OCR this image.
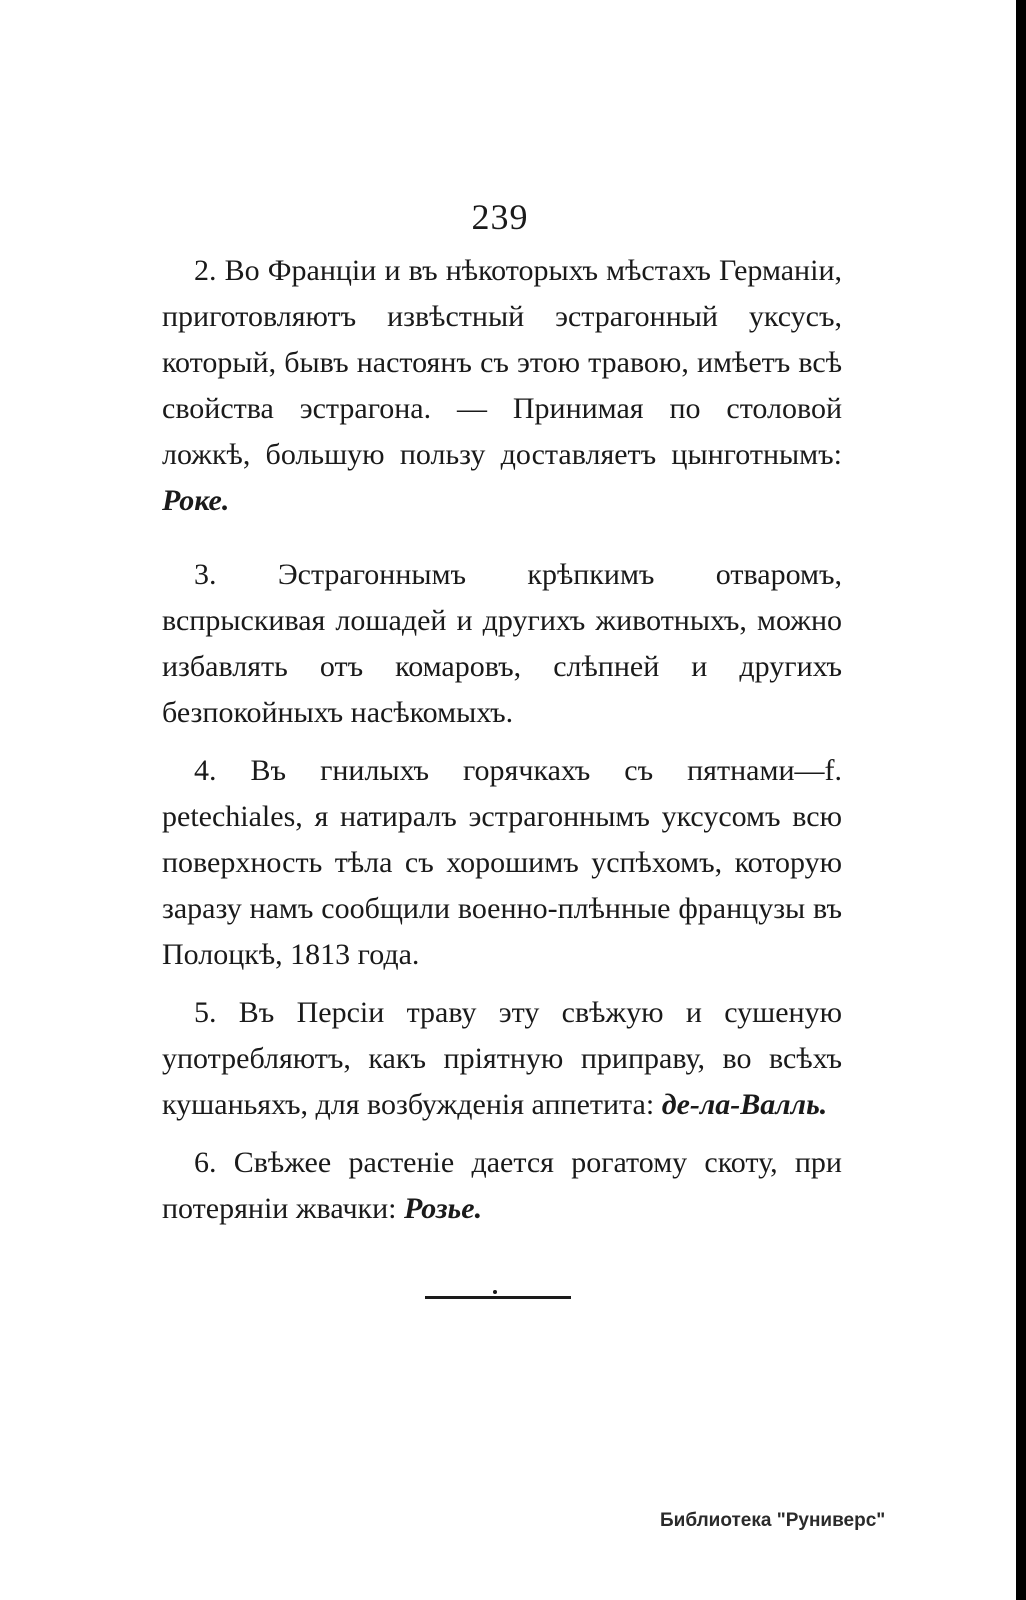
239

2. Во Франціи и въ нѣкоторыхъ мѣстахъ Германіи, приготовляютъ извѣстный эстрагонный уксусъ, который, бывъ настоянъ съ этою травою, имѣетъ всѣ свойства эстрагона. — Принимая по столовой ложкѣ, большую пользу доставляетъ цынготнымъ: Роке.

3. Эстрагоннымъ крѣпкимъ отваромъ, вспрыскивая лошадей и другихъ животныхъ, можно избавлять отъ комаровъ, слѣпней и другихъ безпокойныхъ насѣкомыхъ.

4. Въ гнилыхъ горячкахъ съ пятнами—f. petechiales, я натиралъ эстрагоннымъ уксусомъ всю поверхность тѣла съ хорошимъ успѣхомъ, которую заразу намъ сообщили военно-плѣнные французы въ Полоцкѣ, 1813 года.

5. Въ Персіи траву эту свѣжую и сушеную употребляютъ, какъ пріятную приправу, во всѣхъ кушаньяхъ, для возбужденія аппетита: де-ла-Валль.

6. Свѣжее растеніе дается рогатому скоту, при потеряніи жвачки: Розье.

Библиотека "Руниверс"
